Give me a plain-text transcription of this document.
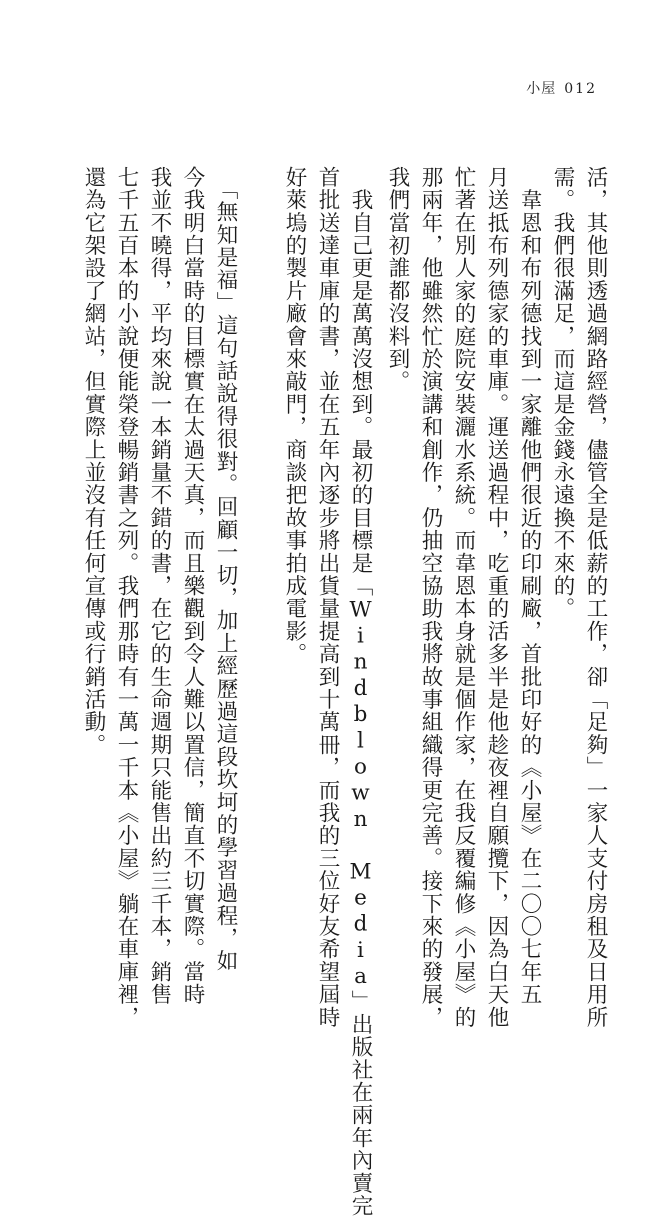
小屋 012
活，其他則透過網路經營，儘管全是低薪的工作，卻「足夠」一家人支付房租及日用所
需。我們很滿足，而這是金錢永遠換不來的。
　韋恩和布列德找到一家離他們很近的印刷廠，首批印好的《小屋》在二〇〇七年五
月送抵布列德家的車庫。運送過程中，吃重的活多半是他趁夜裡自願攬下，因為白天他
忙著在別人家的庭院安裝灑水系統。而韋恩本身就是個作家，在我反覆編修《小屋》的
那兩年，他雖然忙於演講和創作，仍抽空協助我將故事組織得更完善。接下來的發展，
我們當初誰都沒料到。
　我自己更是萬萬沒想到。最初的目標是「Windblown Media」出版社在兩年內賣完
首批送達車庫的書，並在五年內逐步將出貨量提高到十萬冊，而我的三位好友希望屆時
好萊塢的製片廠會來敲門，商談把故事拍成電影。
　「無知是福」這句話說得很對。回顧一切，加上經歷過這段坎坷的學習過程，如
今我明白當時的目標實在太過天真，而且樂觀到令人難以置信，簡直不切實際。當時
我並不曉得，平均來說一本銷量不錯的書，在它的生命週期只能售出約三千本，銷售
七千五百本的小說便能榮登暢銷書之列。我們那時有一萬一千本《小屋》躺在車庫裡，
還為它架設了網站，但實際上並沒有任何宣傳或行銷活動。
